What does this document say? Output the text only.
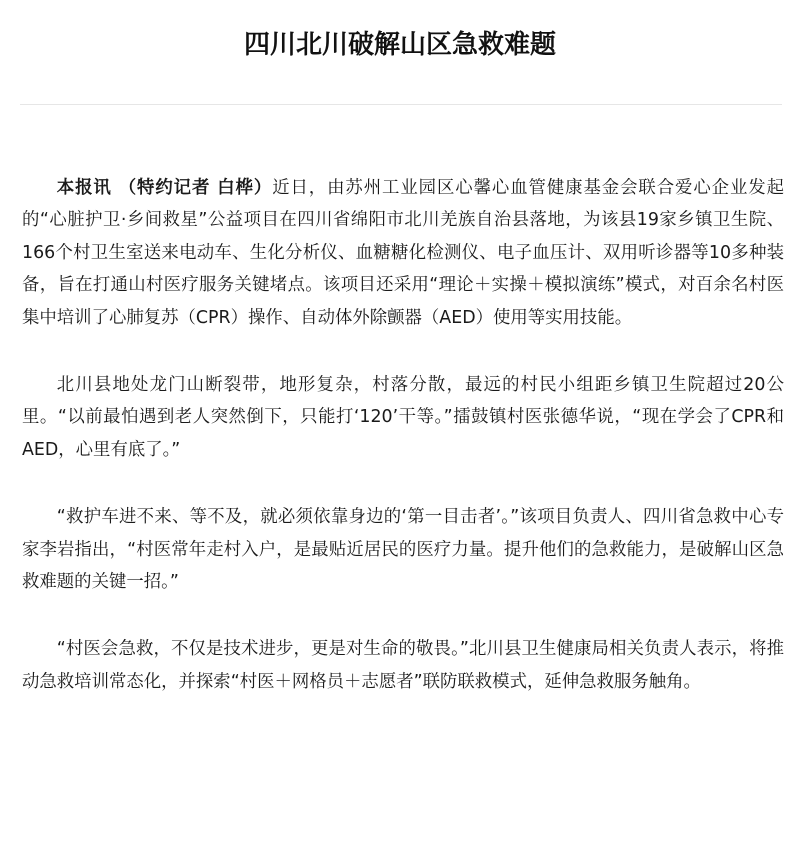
四川北川破解山区急救难题

本报讯 （特约记者 白桦）近日，由苏州工业园区心馨心血管健康基金会联合爱心企业发起的“心脏护卫·乡间救星”公益项目在四川省绵阳市北川羌族自治县落地，为该县19家乡镇卫生院、166个村卫生室送来电动车、生化分析仪、血糖糖化检测仪、电子血压计、双用听诊器等10多种装备，旨在打通山村医疗服务关键堵点。该项目还采用“理论＋实操＋模拟演练”模式，对百余名村医集中培训了心肺复苏（CPR）操作、自动体外除颤器（AED）使用等实用技能。

北川县地处龙门山断裂带，地形复杂，村落分散，最远的村民小组距乡镇卫生院超过20公里。“以前最怕遇到老人突然倒下，只能打‘120’干等。”擂鼓镇村医张德华说，“现在学会了CPR和AED，心里有底了。”

“救护车进不来、等不及，就必须依靠身边的‘第一目击者’。”该项目负责人、四川省急救中心专家李岩指出，“村医常年走村入户，是最贴近居民的医疗力量。提升他们的急救能力，是破解山区急救难题的关键一招。”

“村医会急救，不仅是技术进步，更是对生命的敬畏。”北川县卫生健康局相关负责人表示，将推动急救培训常态化，并探索“村医＋网格员＋志愿者”联防联救模式，延伸急救服务触角。
